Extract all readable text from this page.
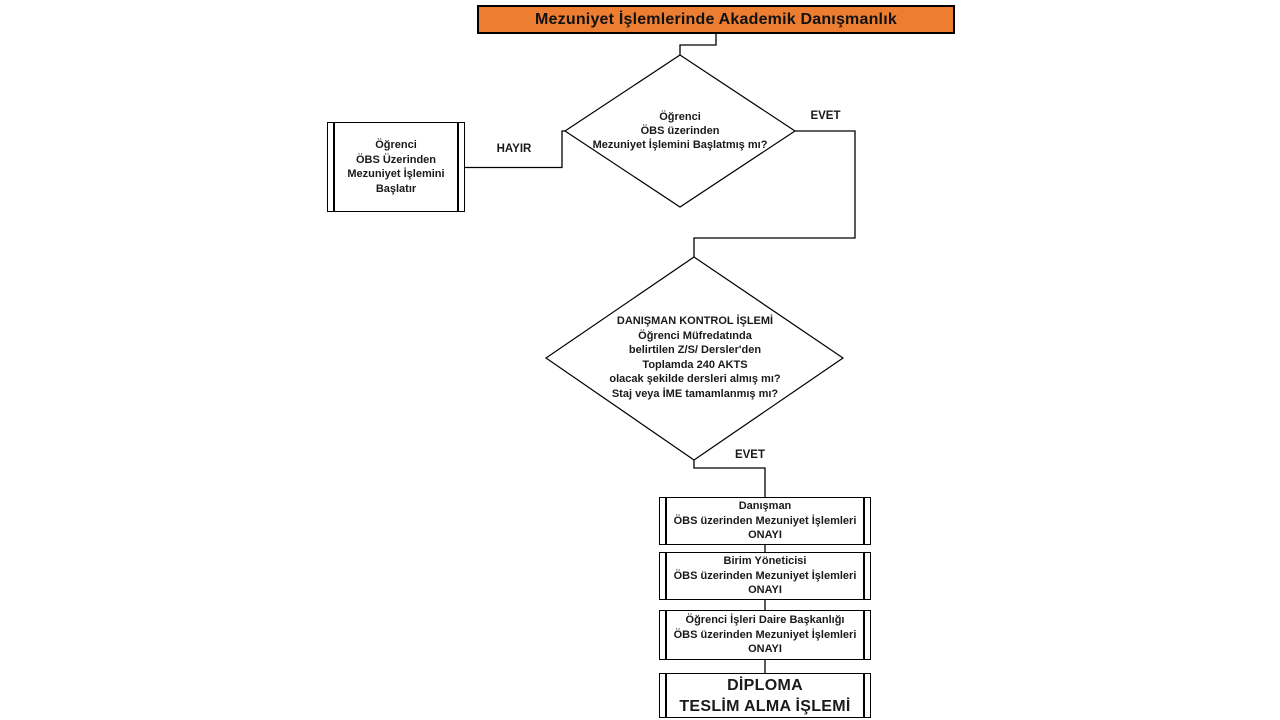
Mezuniyet İşlemlerinde Akademik Danışmanlık
Öğrenci
ÖBS üzerinden
Mezuniyet İşlemini Başlatmış mı?
Öğrenci
ÖBS Üzerinden
Mezuniyet İşlemini
Başlatır
HAYIR
EVET
EVET
DANIŞMAN KONTROL İŞLEMİ
Öğrenci Müfredatında
belirtilen Z/S/ Dersler'den
Toplamda 240 AKTS
olacak şekilde dersleri almış mı?
Staj veya İME tamamlanmış mı?
Danışman
ÖBS üzerinden Mezuniyet İşlemleri
ONAYI
Birim Yöneticisi
ÖBS üzerinden Mezuniyet İşlemleri
ONAYI
Öğrenci İşleri Daire Başkanlığı
ÖBS üzerinden Mezuniyet İşlemleri
ONAYI
DİPLOMA
TESLİM ALMA İŞLEMİ
